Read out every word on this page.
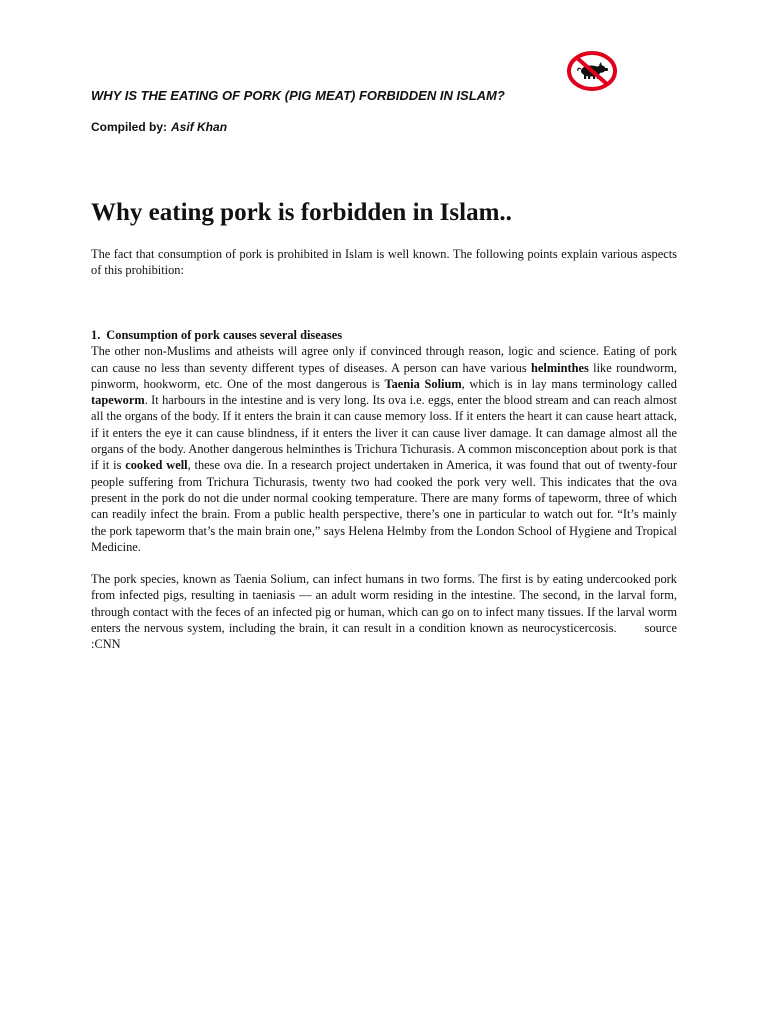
WHY IS THE EATING OF PORK (PIG MEAT) FORBIDDEN IN ISLAM?
Compiled by: Asif Khan
Why eating pork is forbidden in Islam..

The fact that consumption of pork is prohibited in Islam is well known. The following points explain various aspects of this prohibition:

1. Consumption of pork causes several diseases

The other non-Muslims and atheists will agree only if convinced through reason, logic and science. Eating of pork can cause no less than seventy different types of diseases. A person can have various helminthes like roundworm, pinworm, hookworm, etc. One of the most dangerous is Taenia Solium, which is in lay mans terminology called tapeworm. It harbours in the intestine and is very long. Its ova i.e. eggs, enter the blood stream and can reach almost all the organs of the body. If it enters the brain it can cause memory loss. If it enters the heart it can cause heart attack, if it enters the eye it can cause blindness, if it enters the liver it can cause liver damage. It can damage almost all the organs of the body. Another dangerous helminthes is Trichura Tichurasis. A common misconception about pork is that if it is cooked well, these ova die. In a research project undertaken in America, it was found that out of twenty-four people suffering from Trichura Tichurasis, twenty two had cooked the pork very well. This indicates that the ova present in the pork do not die under normal cooking temperature. There are many forms of tapeworm, three of which can readily infect the brain. From a public health perspective, there’s one in particular to watch out for. “It’s mainly the pork tapeworm that’s the main brain one,” says Helena Helmby from the London School of Hygiene and Tropical Medicine.

The pork species, known as Taenia Solium, can infect humans in two forms. The first is by eating undercooked pork from infected pigs, resulting in taeniasis — an adult worm residing in the intestine. The second, in the larval form, through contact with the feces of an infected pig or human, which can go on to infect many tissues. If the larval worm enters the nervous system, including the brain, it can result in a condition known as neurocysticercosis. source :CNN
